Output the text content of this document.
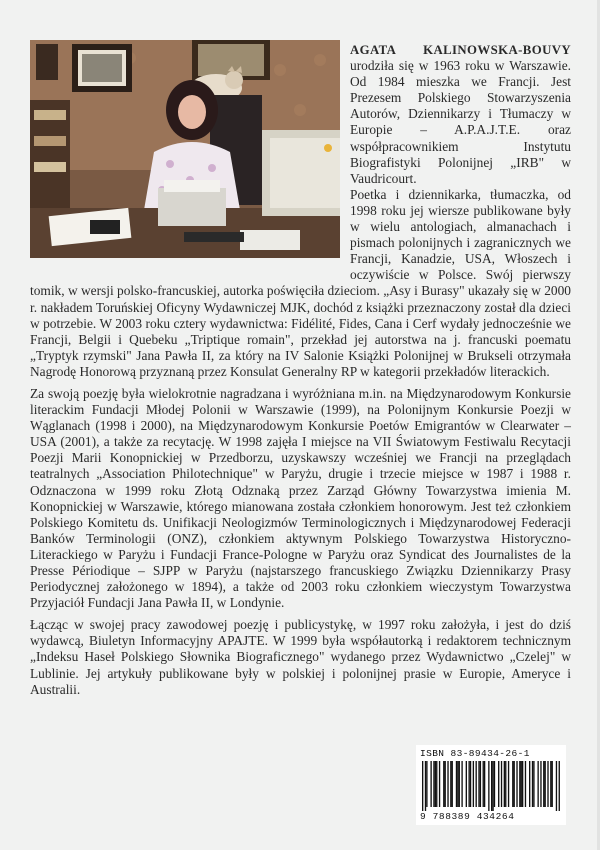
AGATA KALINOWSKA-BOUVY urodziła się w 1963 roku w Warszawie. Od 1984 mieszka we Francji. Jest Prezesem Polskiego Stowarzyszenia Autorów, Dziennikarzy i Tłumaczy w Europie – A.P.A.J.T.E. oraz współpracownikiem Instytutu Biografistyki Polonijnej „IRB" w Vaudricourt.

Poetka i dziennikarka, tłumaczka, od 1998 roku jej wiersze publikowane były w wielu antologiach, almanachach i pismach polonijnych i zagranicznych we Francji, Kanadzie, USA, Włoszech i oczywiście w Polsce. Swój pierwszy tomik, w wersji polsko-francuskiej, autorka poświęciła dzieciom. „Asy i Burasy" ukazały się w 2000 r. nakładem Toruńskiej Oficyny Wydawniczej MJK, dochód z książki przeznaczony został dla dzieci w potrzebie. W 2003 roku cztery wydawnictwa: Fidélité, Fides, Cana i Cerf wydały jednocześnie we Francji, Belgii i Quebeku „Triptique romain", przekład jej autorstwa na j. francuski poematu „Tryptyk rzymski" Jana Pawła II, za który na IV Salonie Książki Polonijnej w Brukseli otrzymała Nagrodę Honorową przyznaną przez Konsulat Generalny RP w kategorii przekładów literackich.

Za swoją poezję była wielokrotnie nagradzana i wyróżniana m.in. na Międzynarodowym Konkursie literackim Fundacji Młodej Polonii w Warszawie (1999), na Polonijnym Konkursie Poezji w Wąglanach (1998 i 2000), na Międzynarodowym Konkursie Poetów Emigrantów w Clearwater – USA (2001), a także za recytację. W 1998 zajęła I miejsce na VII Światowym Festiwalu Recytacji Poezji Marii Konopnickiej w Przedborzu, uzyskawszy wcześniej we Francji na przeglądach teatralnych „Association Philotechnique" w Paryżu, drugie i trzecie miejsce w 1987 i 1988 r. Odznaczona w 1999 roku Złotą Odznaką przez Zarząd Główny Towarzystwa imienia M. Konopnickiej w Warszawie, którego mianowana została członkiem honorowym. Jest też członkiem Polskiego Komitetu ds. Unifikacji Neologizmów Terminologicznych i Międzynarodowej Federacji Banków Terminologii (ONZ), członkiem aktywnym Polskiego Towarzystwa Historyczno-Literackiego w Paryżu i Fundacji France-Pologne w Paryżu oraz Syndicat des Journalistes de la Presse Périodique – SJPP w Paryżu (najstarszego francuskiego Związku Dziennikarzy Prasy Periodycznej założonego w 1894), a także od 2003 roku członkiem wieczystym Towarzystwa Przyjaciół Fundacji Jana Pawła II, w Londynie.

Łącząc w swojej pracy zawodowej poezję i publicystykę, w 1997 roku założyła, i jest do dziś wydawcą, Biuletyn Informacyjny APAJTE. W 1999 była współautorką i redaktorem technicznym „Indeksu Haseł Polskiego Słownika Biograficznego" wydanego przez Wydawnictwo „Czelej" w Lublinie. Jej artykuły publikowane były w polskiej i polonijnej prasie w Europie, Ameryce i Australii.

ISBN 83-89434-26-1
9 788389 434264
